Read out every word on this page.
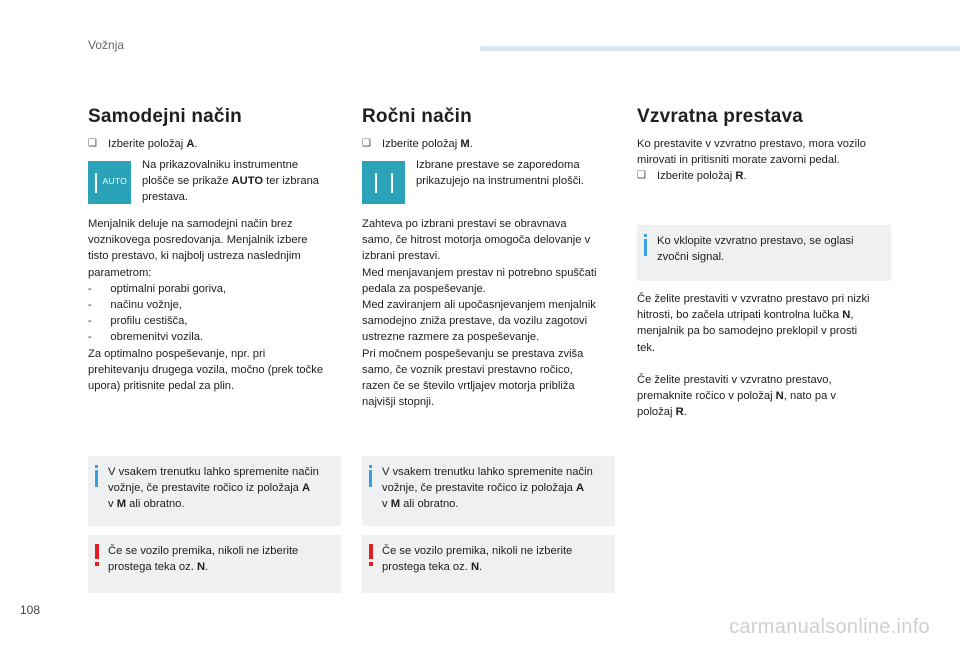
Vožnja
Samodejni način
❑ Izberite položaj A.
AUTO
Na prikazovalniku instrumentne
plošče se prikaže AUTO ter izbrana
prestava.
Menjalnik deluje na samodejni način brez
voznikovega posredovanja. Menjalnik izbere
tisto prestavo, ki najbolj ustreza naslednjim
parametrom:
-      optimalni porabi goriva,
-      načinu vožnje,
-      profilu cestišča,
-      obremenitvi vozila.
Za optimalno pospeševanje, npr. pri
prehitevanju drugega vozila, močno (prek točke
upora) pritisnite pedal za plin.
V vsakem trenutku lahko spremenite način
vožnje, če prestavite ročico iz položaja A
v M ali obratno.
Če se vozilo premika, nikoli ne izberite
prostega teka oz. N.
Ročni način
❑ Izberite položaj M.
Izbrane prestave se zaporedoma
prikazujejo na instrumentni plošči.
Zahteva po izbrani prestavi se obravnava
samo, če hitrost motorja omogoča delovanje v
izbrani prestavi.
Med menjavanjem prestav ni potrebno spuščati
pedala za pospeševanje.
Med zaviranjem ali upočasnjevanjem menjalnik
samodejno zniža prestave, da vozilu zagotovi
ustrezne razmere za pospeševanje.
Pri močnem pospeševanju se prestava zviša
samo, če voznik prestavi prestavno ročico,
razen če se število vrtljajev motorja približa
najvišji stopnji.
V vsakem trenutku lahko spremenite način
vožnje, če prestavite ročico iz položaja A
v M ali obratno.
Če se vozilo premika, nikoli ne izberite
prostega teka oz. N.
Vzvratna prestava
Ko prestavite v vzvratno prestavo, mora vozilo
mirovati in pritisniti morate zavorni pedal.
❑ Izberite položaj R.
Ko vklopite vzvratno prestavo, se oglasi
zvočni signal.
Če želite prestaviti v vzvratno prestavo pri nizki
hitrosti, bo začela utripati kontrolna lučka N,
menjalnik pa bo samodejno preklopil v prosti
tek.
Če želite prestaviti v vzvratno prestavo,
premaknite ročico v položaj N, nato pa v
položaj R.
108
carmanualsonline.info
